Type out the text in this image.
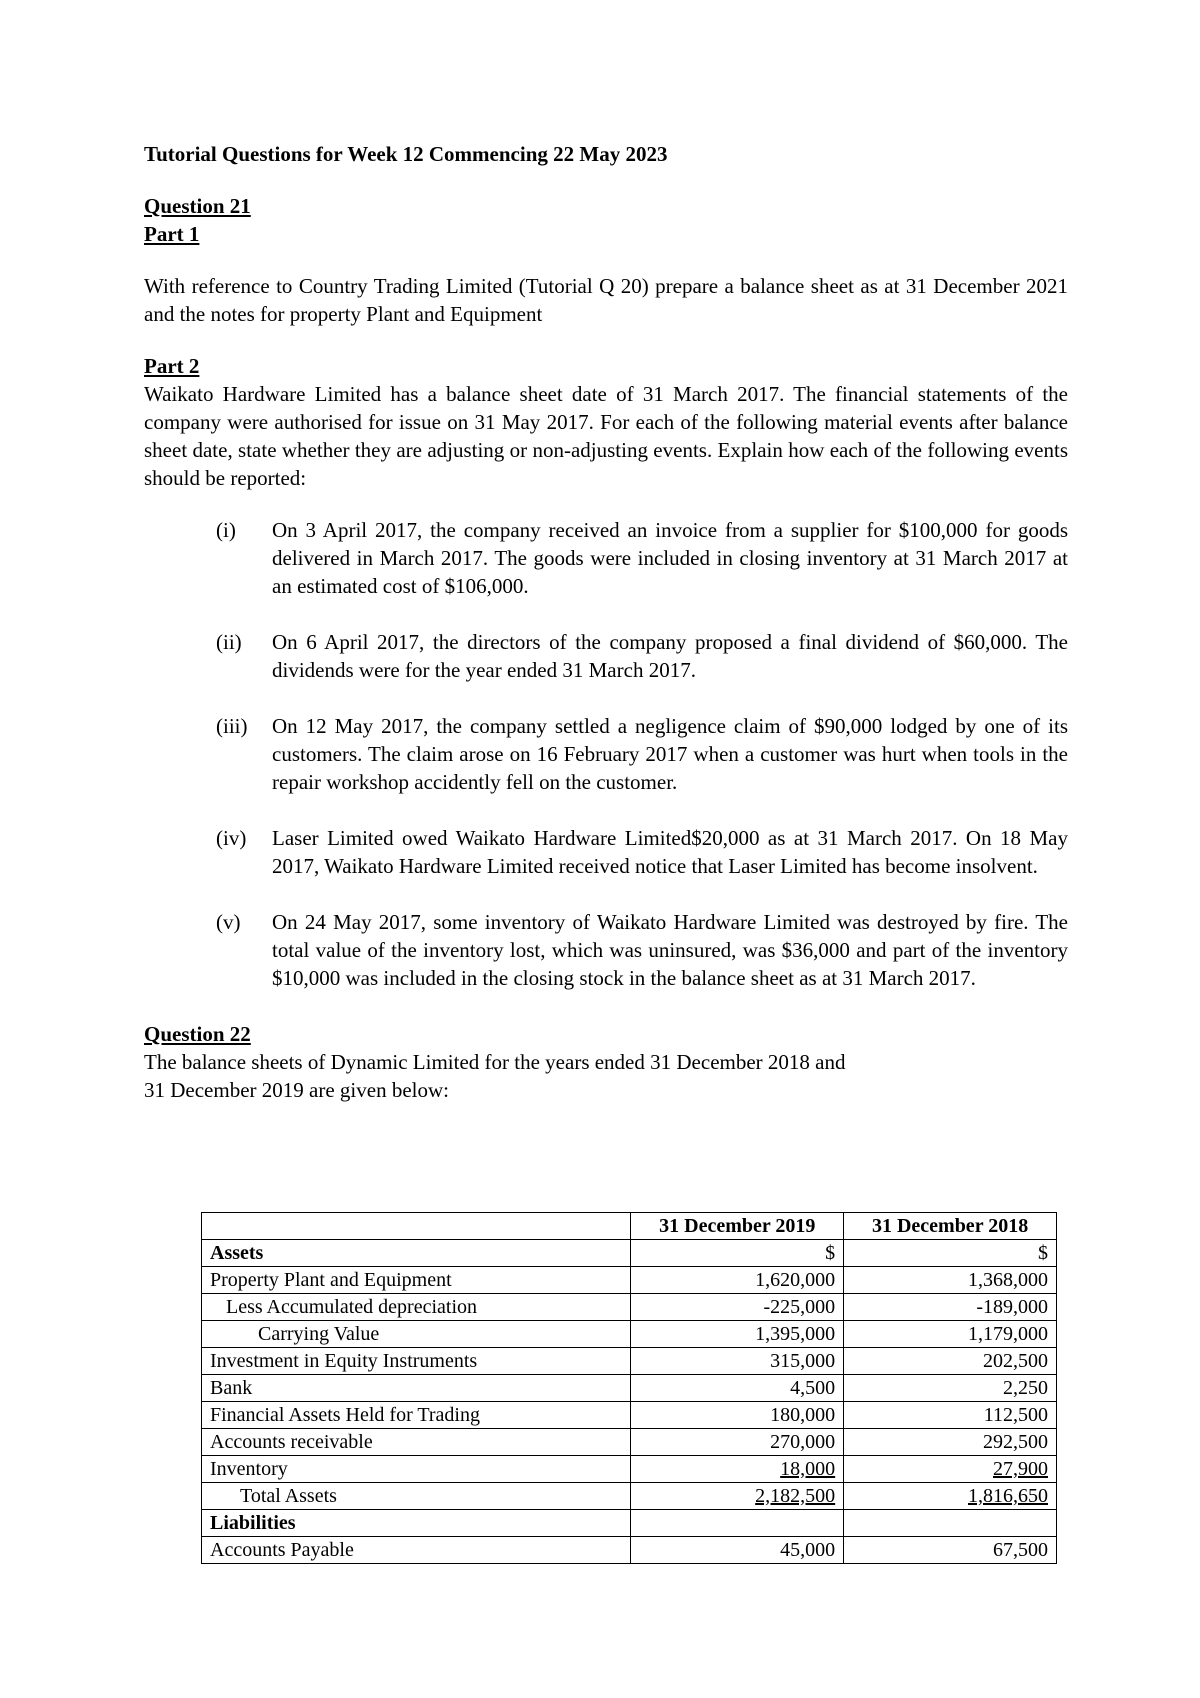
Tutorial Questions for Week 12 Commencing 22 May 2023

Question 21

Part 1

With reference to Country Trading Limited (Tutorial Q 20) prepare a balance sheet as at 31 December 2021 and the notes for property Plant and Equipment

Part 2

Waikato Hardware Limited has a balance sheet date of 31 March 2017. The financial statements of the company were authorised for issue on 31 May 2017. For each of the following material events after balance sheet date, state whether they are adjusting or non-adjusting events. Explain how each of the following events should be reported:

(i)	On 3 April 2017, the company received an invoice from a supplier for $100,000 for goods delivered in March 2017. The goods were included in closing inventory at 31 March 2017 at an estimated cost of $106,000.
(ii)	On 6 April 2017, the directors of the company proposed a final dividend of $60,000. The dividends were for the year ended 31 March 2017.
(iii)	On 12 May 2017, the company settled a negligence claim of $90,000 lodged by one of its customers. The claim arose on 16 February 2017 when a customer was hurt when tools in the repair workshop accidently fell on the customer.
(iv)	Laser Limited owed Waikato Hardware Limited$20,000 as at 31 March 2017. On 18 May 2017, Waikato Hardware Limited received notice that Laser Limited has become insolvent.
(v)	On 24 May 2017, some inventory of Waikato Hardware Limited was destroyed by fire. The total value of the inventory lost, which was uninsured, was $36,000 and part of the inventory $10,000 was included in the closing stock in the balance sheet as at 31 March 2017.

Question 22

The balance sheets of Dynamic Limited for the years ended 31 December 2018 and

31 December 2019 are given below:

	31 December 2019	31 December 2018
Assets	$	$
Property Plant and Equipment	1,620,000	1,368,000
Less Accumulated depreciation	-225,000	-189,000
Carrying Value	1,395,000	1,179,000
Investment in Equity Instruments	315,000	202,500
Bank	4,500	2,250
Financial Assets Held for Trading	180,000	112,500
Accounts receivable	270,000	292,500
Inventory	18,000	27,900
Total Assets	2,182,500	1,816,650
Liabilities		
Accounts Payable	45,000	67,500
